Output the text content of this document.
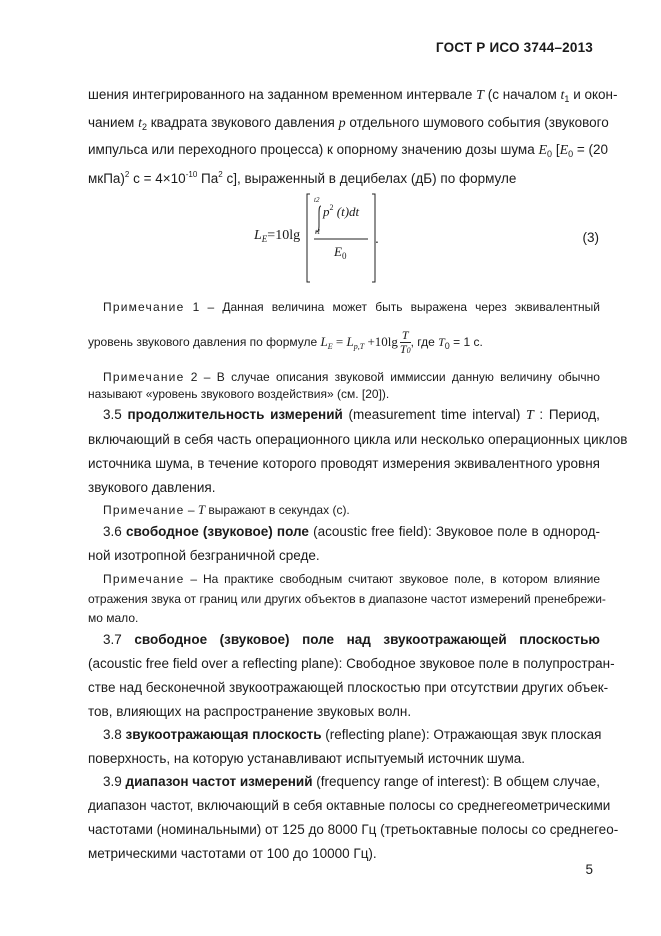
ГОСТ Р ИСО 3744–2013
шения интегрированного на заданном временном интервале T (с началом $t_1$ и окон-
чанием $t_2$ квадрата звукового давления p отдельного шумового события (звукового
импульса или переходного процесса) к опорному значению дозы шума $E_0$ [$E_0 = (20$
мкПа)$^2$ $с = 4\times 10^{-10}$ $Па^2$ с], выраженный в децибелах (дБ) по формуле
$L_E=10\lg$
t2
t1
$p^2$ (t)dt
$E_0$
.	(3)
Примечание 1 – Данная величина может быть выражена через эквивалентный
уровень звукового давления по формуле $L_E = L_{p,T} +10\lg \frac{T}{T0}$ , где $T_0 = 1$ с.
Примечание 2 – В случае описания звуковой иммиссии данную величину обычно
называют «уровень звукового воздействия» (см. [20]).
3.5 продолжительность измерений (measurement time interval) T : Период,
включающий в себя часть операционного цикла или несколько операционных циклов
источника шума, в течение которого проводят измерения эквивалентного уровня
звукового давления.
Примечание – T выражают в секундах (с).
3.6 свободное (звуковое) поле (acoustic free field): Звуковое поле в однород-
ной изотропной безграничной среде.
Примечание – На практике свободным считают звуковое поле, в котором влияние
отражения звука от границ или других объектов в диапазоне частот измерений пренебрежи-
мо мало.
3.7 свободное (звуковое) поле над звукоотражающей плоскостью
(acoustic free field over a reflecting plane): Свободное звуковое поле в полупростран-
стве над бесконечной звукоотражающей плоскостью при отсутствии других объек-
тов, влияющих на распространение звуковых волн.
3.8 звукоотражающая плоскость (reflecting plane): Отражающая звук плоская
поверхность, на которую устанавливают испытуемый источник шума.
3.9 диапазон частот измерений (frequency range of interest): В общем случае,
диапазон частот, включающий в себя октавные полосы со среднегеометрическими
частотами (номинальными) от 125 до 8000 Гц (третьоктавные полосы со среднегео-
метрическими частотами от 100 до 10000 Гц).
5
